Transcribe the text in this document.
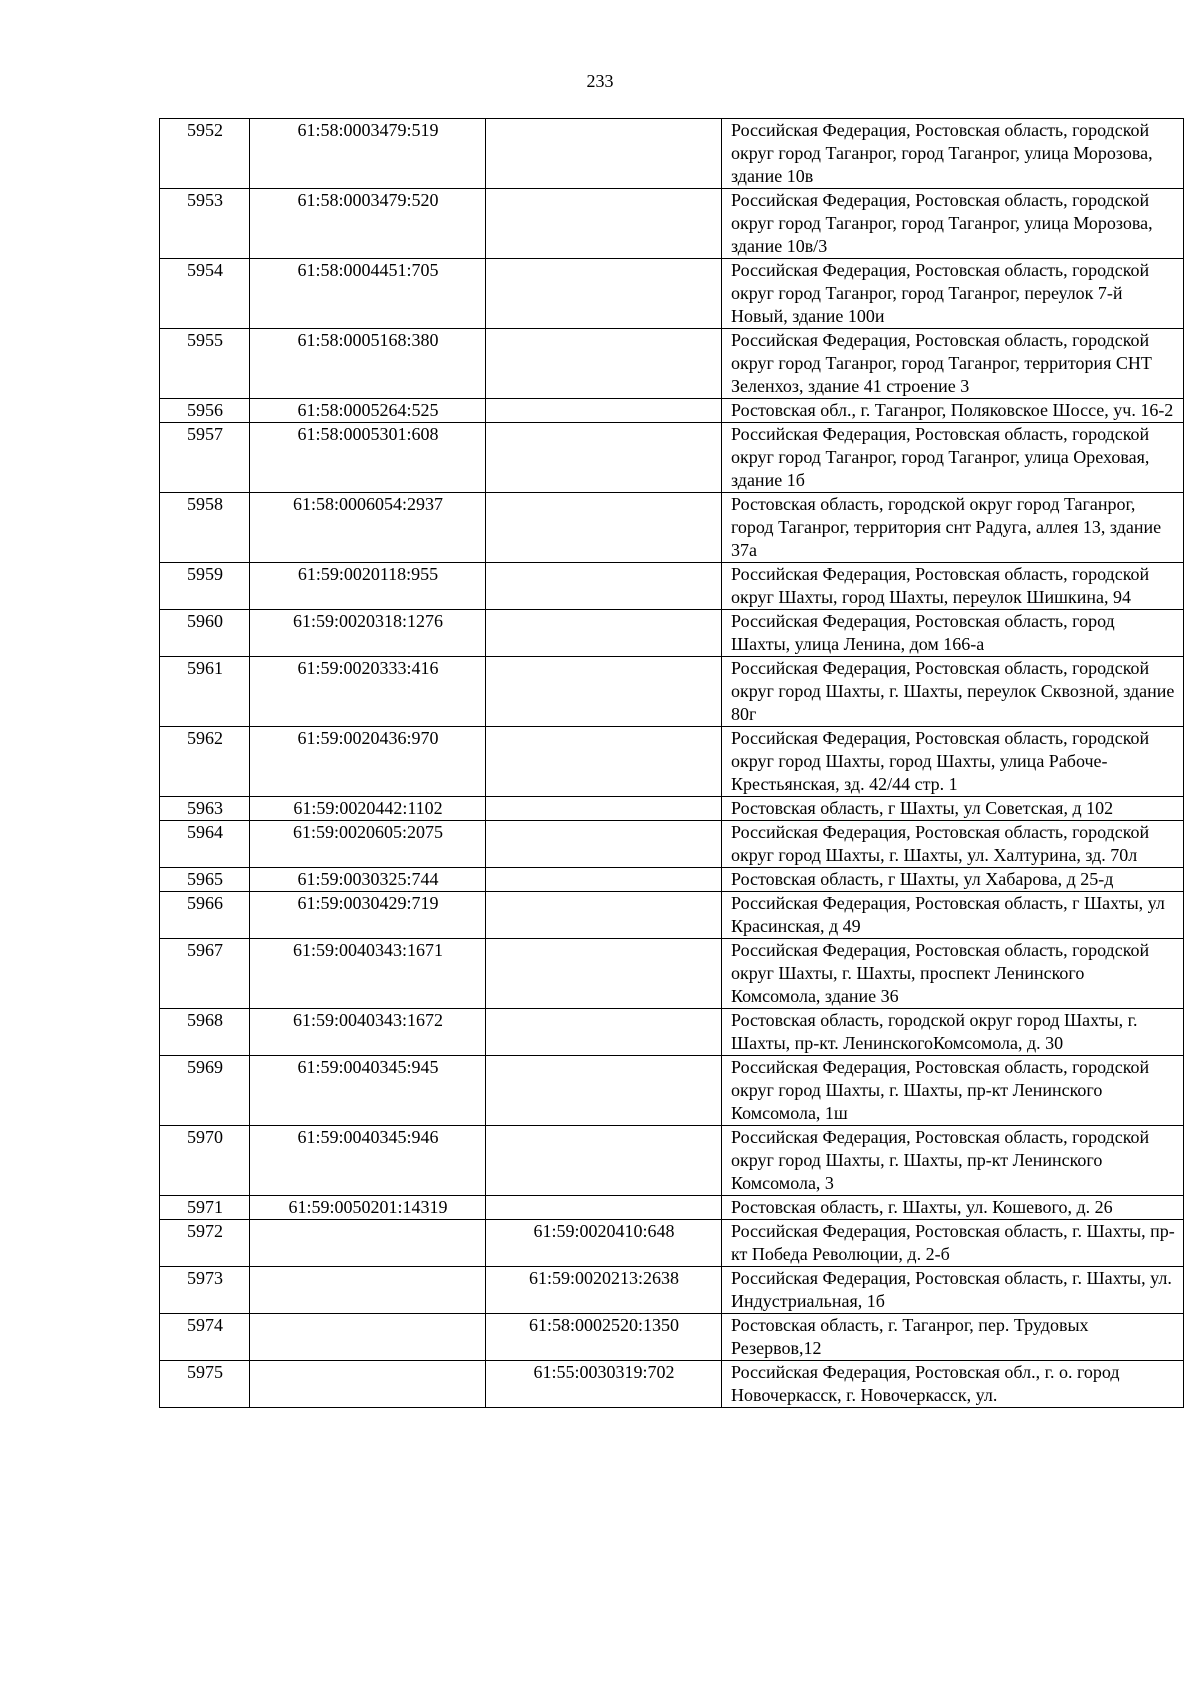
233
5952	61:58:0003479:519		Российская Федерация, Ростовская область, городской округ город Таганрог, город Таганрог, улица Морозова, здание 10в
5953	61:58:0003479:520		Российская Федерация, Ростовская область, городской округ город Таганрог, город Таганрог, улица Морозова, здание 10в/3
5954	61:58:0004451:705		Российская Федерация, Ростовская область, городской округ город Таганрог, город Таганрог, переулок 7-й Новый, здание 100и
5955	61:58:0005168:380		Российская Федерация, Ростовская область, городской округ город Таганрог, город Таганрог, территория СНТ Зеленхоз, здание 41 строение 3
5956	61:58:0005264:525		Ростовская обл., г. Таганрог, Поляковское Шоссе, уч. 16-2
5957	61:58:0005301:608		Российская Федерация, Ростовская область, городской округ город Таганрог, город Таганрог, улица Ореховая, здание 1б
5958	61:58:0006054:2937		Ростовская область, городской округ город Таганрог, город Таганрог, территория снт Радуга, аллея 13, здание 37а
5959	61:59:0020118:955		Российская Федерация, Ростовская область, городской округ Шахты, город Шахты, переулок Шишкина, 94
5960	61:59:0020318:1276		Российская Федерация, Ростовская область, город Шахты, улица Ленина, дом 166-а
5961	61:59:0020333:416		Российская Федерация, Ростовская область, городской округ город Шахты, г. Шахты, переулок Сквозной, здание 80г
5962	61:59:0020436:970		Российская Федерация, Ростовская область, городской округ город Шахты, город Шахты, улица Рабоче-Крестьянская, зд. 42/44 стр. 1
5963	61:59:0020442:1102		Ростовская область, г Шахты, ул Советская, д 102
5964	61:59:0020605:2075		Российская Федерация, Ростовская область, городской округ город Шахты, г. Шахты, ул. Халтурина, зд. 70л
5965	61:59:0030325:744		Ростовская область, г Шахты, ул Хабарова, д 25-д
5966	61:59:0030429:719		Российская Федерация, Ростовская область, г Шахты, ул Красинская, д 49
5967	61:59:0040343:1671		Российская Федерация, Ростовская область, городской округ Шахты, г. Шахты, проспект Ленинского Комсомола, здание 36
5968	61:59:0040343:1672		Ростовская область, городской округ город Шахты, г. Шахты, пр-кт. ЛенинскогоКомсомола, д. 30
5969	61:59:0040345:945		Российская Федерация, Ростовская область, городской округ город Шахты, г. Шахты, пр-кт Ленинского Комсомола, 1ш
5970	61:59:0040345:946		Российская Федерация, Ростовская область, городской округ город Шахты, г. Шахты, пр-кт Ленинского Комсомола, 3
5971	61:59:0050201:14319		Ростовская область, г. Шахты, ул. Кошевого, д. 26
5972		61:59:0020410:648	Российская Федерация, Ростовская область, г. Шахты, пр-кт Победа Революции, д. 2-б
5973		61:59:0020213:2638	Российская Федерация, Ростовская область, г. Шахты, ул. Индустриальная, 1б
5974		61:58:0002520:1350	Ростовская область, г. Таганрог, пер. Трудовых Резервов,12
5975		61:55:0030319:702	Российская Федерация, Ростовская обл., г. о. город Новочеркасск, г. Новочеркасск, ул.
